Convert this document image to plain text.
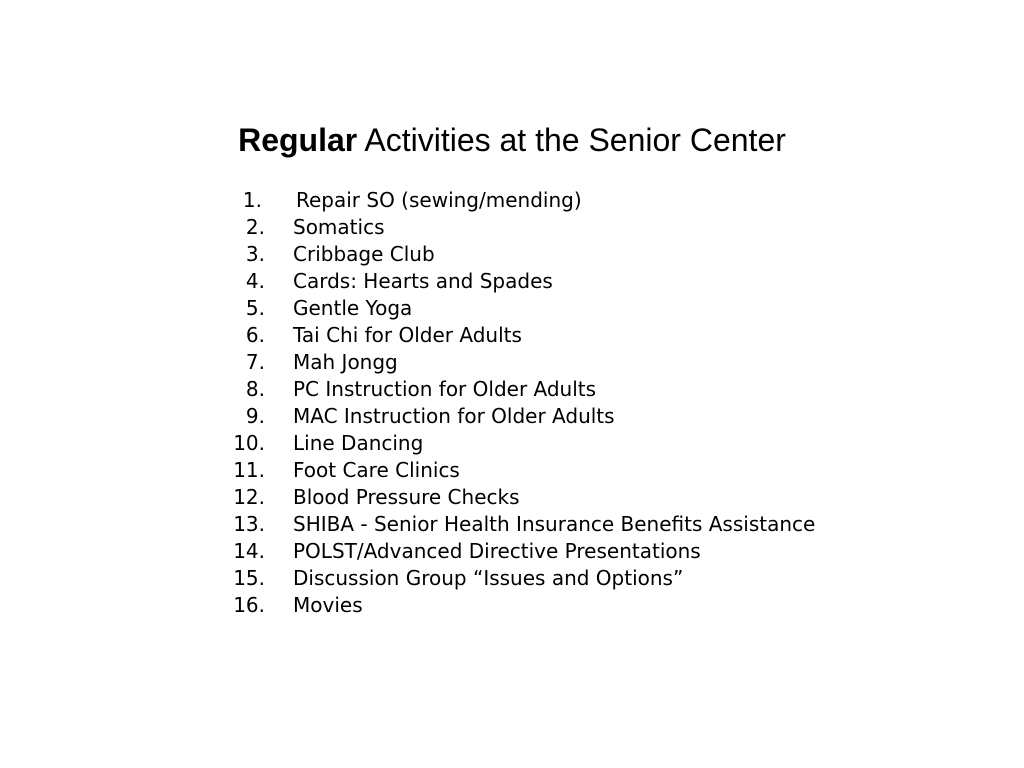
Regular Activities at the Senior Center
1. Repair SO (sewing/mending)
2. Somatics
3. Cribbage Club
4. Cards: Hearts and Spades
5. Gentle Yoga
6. Tai Chi for Older Adults
7. Mah Jongg
8. PC Instruction for Older Adults
9. MAC Instruction for Older Adults
10. Line Dancing
11. Foot Care Clinics
12. Blood Pressure Checks
13. SHIBA - Senior Health Insurance Benefits Assistance
14. POLST/Advanced Directive Presentations
15. Discussion Group “Issues and Options”
16. Movies
